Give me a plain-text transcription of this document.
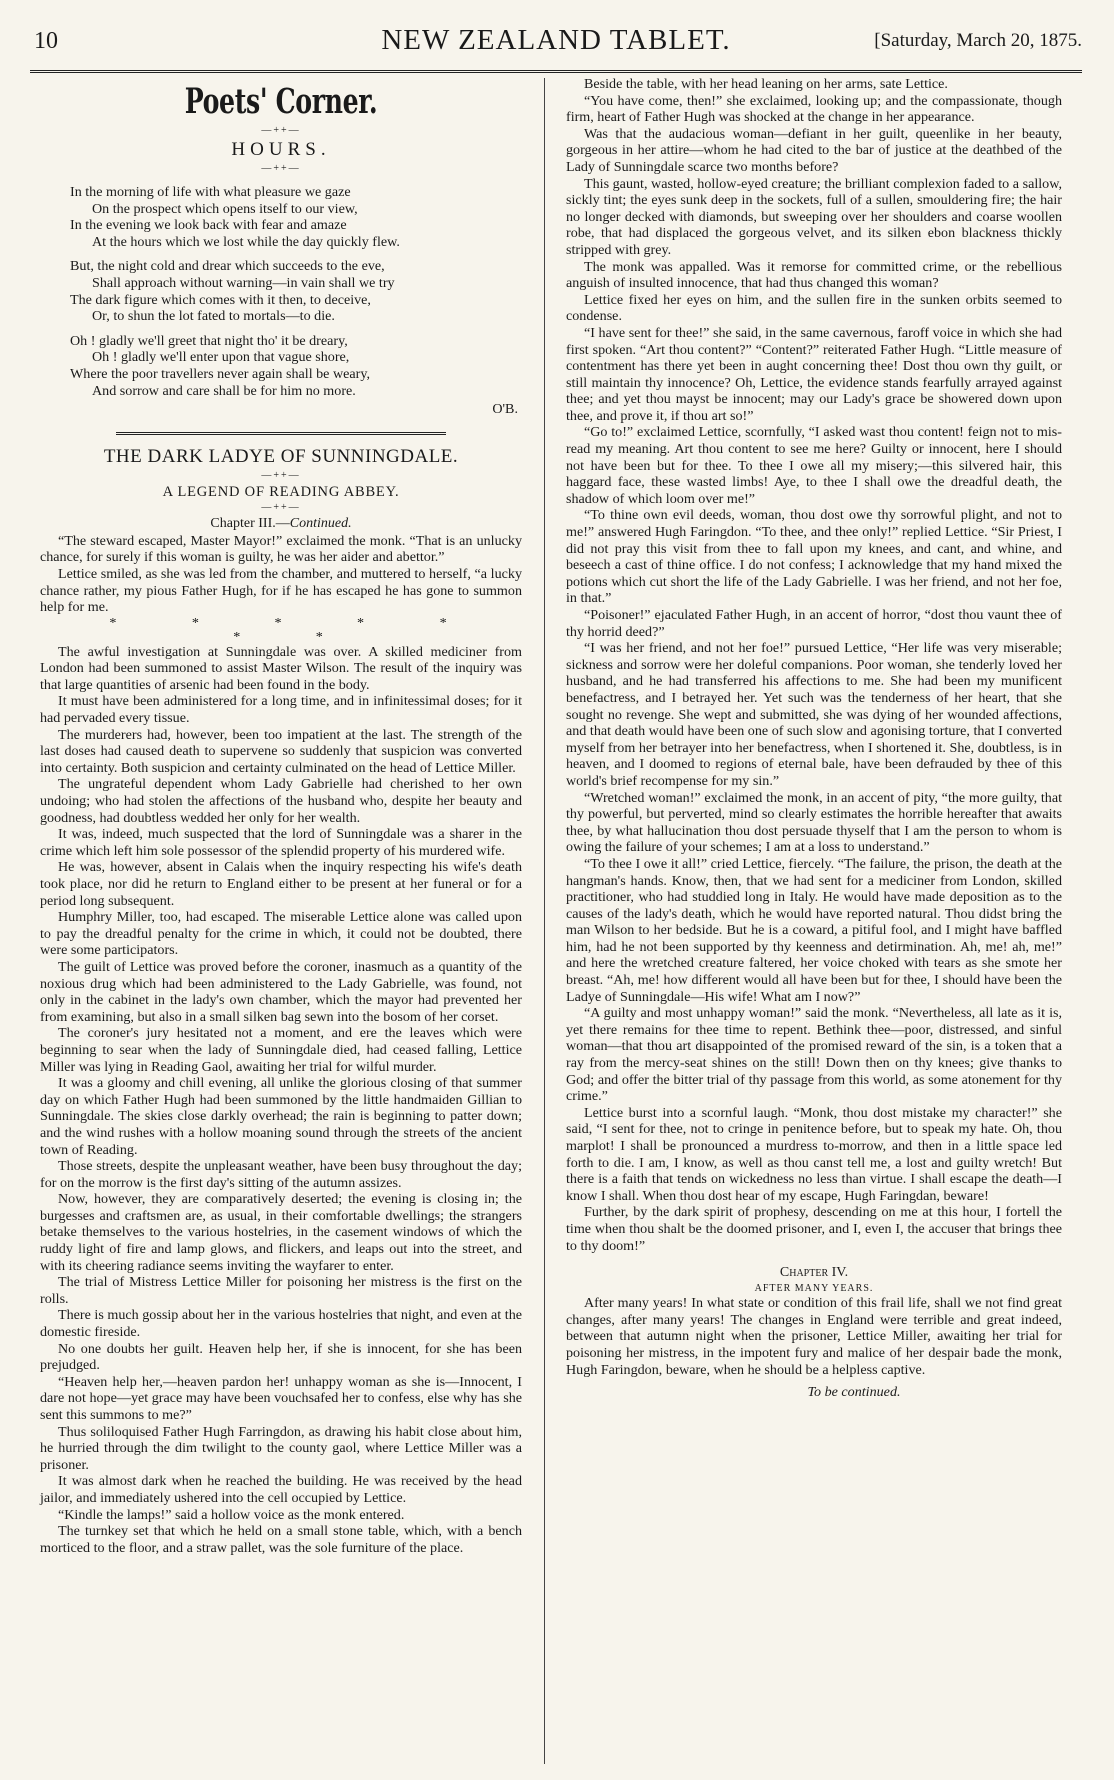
10	NEW ZEALAND TABLET.	[Saturday, March 20, 1875.
Poets' Corner.
—++—
HOURS.
—++—
In the morning of life with what pleasure we gaze
On the prospect which opens itself to our view,
In the evening we look back with fear and amaze
At the hours which we lost while the day quickly flew.
But, the night cold and drear which succeeds to the eve,
Shall approach without warning—in vain shall we try
The dark figure which comes with it then, to deceive,
Or, to shun the lot fated to mortals—to die.
Oh ! gladly we'll greet that night tho' it be dreary,
Oh ! gladly we'll enter upon that vague shore,
Where the poor travellers never again shall be weary,
And sorrow and care shall be for him no more.
O'B.
THE DARK LADYE OF SUNNINGDALE.
—++—
A LEGEND OF READING ABBEY.
—++—
Chapter III.—Continued.

“The steward escaped, Master Mayor!” exclaimed the monk. “That is an unlucky chance, for surely if this woman is guilty, he was her aider and abettor.”

Lettice smiled, as she was led from the chamber, and muttered to herself, “a lucky chance rather, my pious Father Hugh, for if he has escaped he has gone to summon help for me.

* * * * * * *

The awful investigation at Sunningdale was over. A skilled mediciner from London had been summoned to assist Master Wilson. The result of the inquiry was that large quantities of arsenic had been found in the body.

It must have been administered for a long time, and in infinitessimal doses; for it had pervaded every tissue.

The murderers had, however, been too impatient at the last. The strength of the last doses had caused death to supervene so suddenly that suspicion was converted into certainty. Both suspicion and certainty culminated on the head of Lettice Miller.

The ungrateful dependent whom Lady Gabrielle had cherished to her own undoing; who had stolen the affections of the husband who, despite her beauty and goodness, had doubtless wedded her only for her wealth.

It was, indeed, much suspected that the lord of Sunningdale was a sharer in the crime which left him sole possessor of the splendid property of his murdered wife.

He was, however, absent in Calais when the inquiry respecting his wife's death took place, nor did he return to England either to be present at her funeral or for a period long subsequent.

Humphry Miller, too, had escaped. The miserable Lettice alone was called upon to pay the dreadful penalty for the crime in which, it could not be doubted, there were some participators.

The guilt of Lettice was proved before the coroner, inasmuch as a quantity of the noxious drug which had been administered to the Lady Gabrielle, was found, not only in the cabinet in the lady's own chamber, which the mayor had prevented her from examining, but also in a small silken bag sewn into the bosom of her corset.

The coroner's jury hesitated not a moment, and ere the leaves which were beginning to sear when the lady of Sunningdale died, had ceased falling, Lettice Miller was lying in Reading Gaol, awaiting her trial for wilful murder.

It was a gloomy and chill evening, all unlike the glorious closing of that summer day on which Father Hugh had been summoned by the little handmaiden Gillian to Sunningdale. The skies close darkly overhead; the rain is beginning to patter down; and the wind rushes with a hollow moaning sound through the streets of the ancient town of Reading.

Those streets, despite the unpleasant weather, have been busy throughout the day; for on the morrow is the first day's sitting of the autumn assizes.

Now, however, they are comparatively deserted; the evening is closing in; the burgesses and craftsmen are, as usual, in their comfortable dwellings; the strangers betake themselves to the various hostelries, in the casement windows of which the ruddy light of fire and lamp glows, and flickers, and leaps out into the street, and with its cheering radiance seems inviting the wayfarer to enter.

The trial of Mistress Lettice Miller for poisoning her mistress is the first on the rolls.

There is much gossip about her in the various hostelries that night, and even at the domestic fireside.

No one doubts her guilt. Heaven help her, if she is innocent, for she has been prejudged.

“Heaven help her,—heaven pardon her! unhappy woman as she is—Innocent, I dare not hope—yet grace may have been vouchsafed her to confess, else why has she sent this summons to me?”

Thus soliloquised Father Hugh Farringdon, as drawing his habit close about him, he hurried through the dim twilight to the county gaol, where Lettice Miller was a prisoner.

It was almost dark when he reached the building. He was received by the head jailor, and immediately ushered into the cell occupied by Lettice.

“Kindle the lamps!” said a hollow voice as the monk entered.

The turnkey set that which he held on a small stone table, which, with a bench morticed to the floor, and a straw pallet, was the sole furniture of the place.

Beside the table, with her head leaning on her arms, sate Lettice.

“You have come, then!” she exclaimed, looking up; and the compassionate, though firm, heart of Father Hugh was shocked at the change in her appearance.

Was that the audacious woman—defiant in her guilt, queenlike in her beauty, gorgeous in her attire—whom he had cited to the bar of justice at the deathbed of the Lady of Sunningdale scarce two months before?

This gaunt, wasted, hollow-eyed creature; the brilliant complexion faded to a sallow, sickly tint; the eyes sunk deep in the sockets, full of a sullen, smouldering fire; the hair no longer decked with diamonds, but sweeping over her shoulders and coarse woollen robe, that had displaced the gorgeous velvet, and its silken ebon blackness thickly stripped with grey.

The monk was appalled. Was it remorse for committed crime, or the rebellious anguish of insulted innocence, that had thus changed this woman?

Lettice fixed her eyes on him, and the sullen fire in the sunken orbits seemed to condense.

“I have sent for thee!” she said, in the same cavernous, faroff voice in which she had first spoken. “Art thou content?” “Content?” reiterated Father Hugh. “Little measure of contentment has there yet been in aught concerning thee! Dost thou own thy guilt, or still maintain thy innocence? Oh, Lettice, the evidence stands fearfully arrayed against thee; and yet thou mayst be innocent; may our Lady's grace be showered down upon thee, and prove it, if thou art so!”

“Go to!” exclaimed Lettice, scornfully, “I asked wast thou content! feign not to mis-read my meaning. Art thou content to see me here? Guilty or innocent, here I should not have been but for thee. To thee I owe all my misery;—this silvered hair, this haggard face, these wasted limbs! Aye, to thee I shall owe the dreadful death, the shadow of which loom over me!”

“To thine own evil deeds, woman, thou dost owe thy sorrowful plight, and not to me!” answered Hugh Faringdon. “To thee, and thee only!” replied Lettice. “Sir Priest, I did not pray this visit from thee to fall upon my knees, and cant, and whine, and beseech a cast of thine office. I do not confess; I acknowledge that my hand mixed the potions which cut short the life of the Lady Gabrielle. I was her friend, and not her foe, in that.”

“Poisoner!” ejaculated Father Hugh, in an accent of horror, “dost thou vaunt thee of thy horrid deed?”

“I was her friend, and not her foe!” pursued Lettice, “Her life was very miserable; sickness and sorrow were her doleful companions. Poor woman, she tenderly loved her husband, and he had transferred his affections to me. She had been my munificent benefactress, and I betrayed her. Yet such was the tenderness of her heart, that she sought no revenge. She wept and submitted, she was dying of her wounded affections, and that death would have been one of such slow and agonising torture, that I converted myself from her betrayer into her benefactress, when I shortened it. She, doubtless, is in heaven, and I doomed to regions of eternal bale, have been defrauded by thee of this world's brief recompense for my sin.”

“Wretched woman!” exclaimed the monk, in an accent of pity, “the more guilty, that thy powerful, but perverted, mind so clearly estimates the horrible hereafter that awaits thee, by what hallucination thou dost persuade thyself that I am the person to whom is owing the failure of your schemes; I am at a loss to understand.”

“To thee I owe it all!” cried Lettice, fiercely. “The failure, the prison, the death at the hangman's hands. Know, then, that we had sent for a mediciner from London, skilled practitioner, who had studdied long in Italy. He would have made deposition as to the causes of the lady's death, which he would have reported natural. Thou didst bring the man Wilson to her bedside. But he is a coward, a pitiful fool, and I might have baffled him, had he not been supported by thy keenness and detirmination. Ah, me! ah, me!” and here the wretched creature faltered, her voice choked with tears as she smote her breast. “Ah, me! how different would all have been but for thee, I should have been the Ladye of Sunningdale—His wife! What am I now?”

“A guilty and most unhappy woman!” said the monk. “Nevertheless, all late as it is, yet there remains for thee time to repent. Bethink thee—poor, distressed, and sinful woman—that thou art disappointed of the promised reward of the sin, is a token that a ray from the mercy-seat shines on the still! Down then on thy knees; give thanks to God; and offer the bitter trial of thy passage from this world, as some atonement for thy crime.”

Lettice burst into a scornful laugh. “Monk, thou dost mistake my character!” she said, “I sent for thee, not to cringe in penitence before, but to speak my hate. Oh, thou marplot! I shall be pronounced a murdress to-morrow, and then in a little space led forth to die. I am, I know, as well as thou canst tell me, a lost and guilty wretch! But there is a faith that tends on wickedness no less than virtue. I shall escape the death—I know I shall. When thou dost hear of my escape, Hugh Faringdan, beware!

Further, by the dark spirit of prophesy, descending on me at this hour, I fortell the time when thou shalt be the doomed prisoner, and I, even I, the accuser that brings thee to thy doom!”

Chapter IV.
AFTER MANY YEARS.

After many years! In what state or condition of this frail life, shall we not find great changes, after many years! The changes in England were terrible and great indeed, between that autumn night when the prisoner, Lettice Miller, awaiting her trial for poisoning her mistress, in the impotent fury and malice of her despair bade the monk, Hugh Faringdon, beware, when he should be a helpless captive.

To be continued.
